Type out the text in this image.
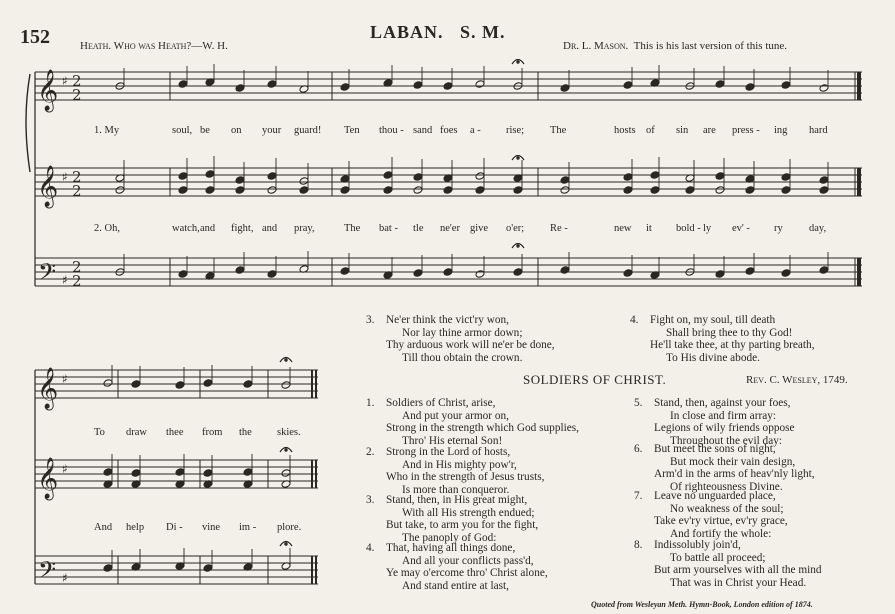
152	LABAN. S. M.
Heath. Who was Heath?—W. H.	Dr. L. Mason. This is his last version of this tune.
𝄞 ♯ 2
2
𝄞 ♯ 2
2
𝄢 ♯
2
2
𝄞 ♯
𝄞 ♯
𝄢 ♯
1. My	soul, be on your guard! Ten thou - sand foes a - rise; The	hosts of sin are press - ing hard
2. Oh,	watch, and fight, and pray,	The bat - tle ne'er give o'er; Re -	new it bold - ly ev' - ry	day,
To draw thee from the skies.
And help Di - vine im - plore.
3. Ne'er think the vict'ry won,
Nor lay thine armor down;
Thy arduous work will ne'er be done,
Till thou obtain the crown.
4. Fight on, my soul, till death
Shall bring thee to thy God!
He'll take thee, at thy parting breath,
To His divine abode.
SOLDIERS OF CHRIST.	Rev. C. Wesley, 1749.
1. Soldiers of Christ, arise,
And put your armor on,
Strong in the strength which God supplies,
Thro' His eternal Son!
2. Strong in the Lord of hosts,
And in His mighty pow'r,
Who in the strength of Jesus trusts,
Is more than conqueror.
3. Stand, then, in His great might,
With all His strength endued;
But take, to arm you for the fight,
The panoply of God:
4. That, having all things done,
And all your conflicts pass'd,
Ye may o'ercome thro' Christ alone,
And stand entire at last,
5. Stand, then, against your foes,
In close and firm array:
Legions of wily friends oppose
Throughout the evil day:
6. But meet the sons of night,
But mock their vain design,
Arm'd in the arms of heav'nly light,
Of righteousness Divine.
7. Leave no unguarded place,
No weakness of the soul;
Take ev'ry virtue, ev'ry grace,
And fortify the whole:
8. Indissolubly join'd,
To battle all proceed;
But arm yourselves with all the mind
That was in Christ your Head.
Quoted from Wesleyan Meth. Hymn-Book, London edition of 1874.
